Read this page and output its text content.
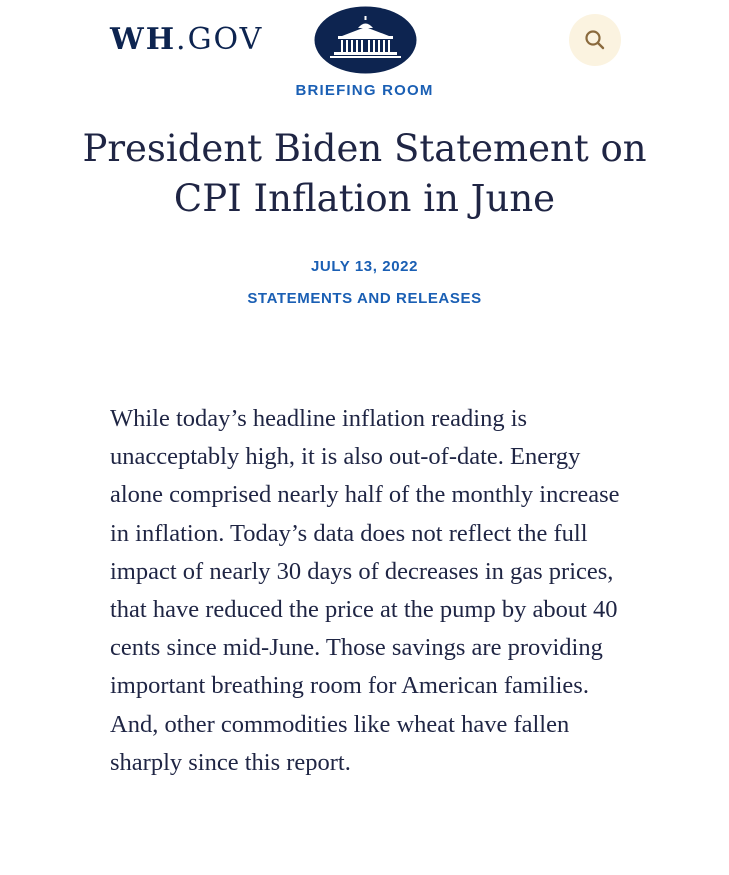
WH.GOV
BRIEFING ROOM
President Biden Statement on CPI Inflation in June
JULY 13, 2022
STATEMENTS AND RELEASES

While today’s headline inflation reading is unacceptably high, it is also out-of-date. Energy alone comprised nearly half of the monthly increase in inflation. Today’s data does not reflect the full impact of nearly 30 days of decreases in gas prices, that have reduced the price at the pump by about 40 cents since mid-June. Those savings are providing important breathing room for American families. And, other commodities like wheat have fallen sharply since this report.
